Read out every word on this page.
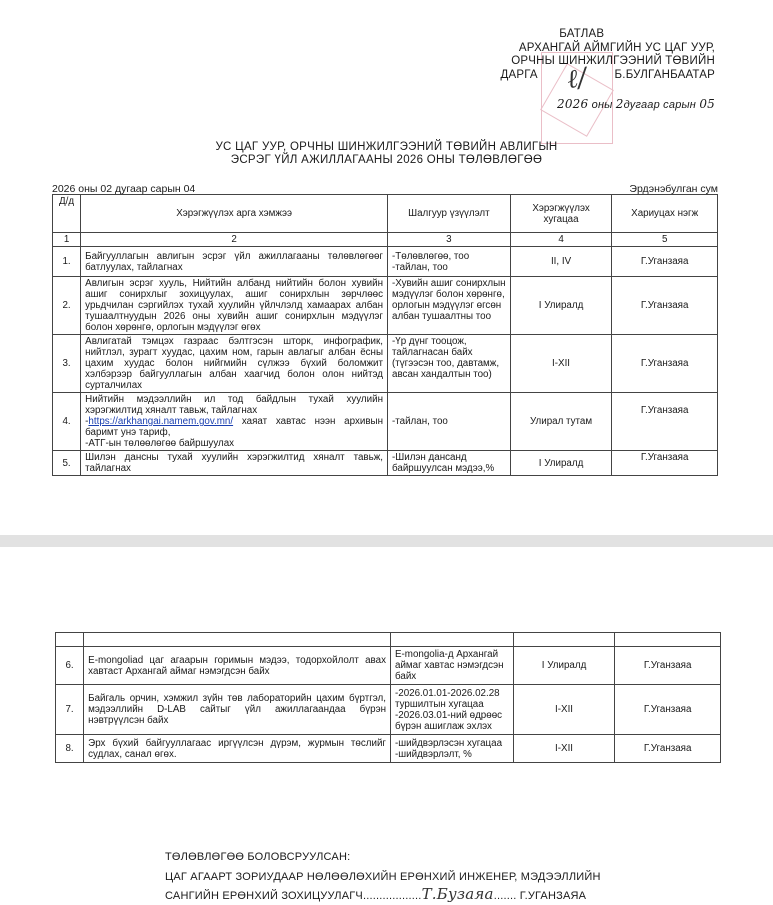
ℓ/
БАТЛАВ
АРХАНГАЙ АЙМГИЙН УС ЦАГ УУР,
ОРЧНЫ ШИНЖИЛГЭЭНИЙ ТӨВИЙН
ДАРГА	Б.БУЛГАНБААТАР
2026 оны 2дугаар сарын 05
УС ЦАГ УУР, ОРЧНЫ ШИНЖИЛГЭЭНИЙ ТӨВИЙН АВЛИГЫН
ЭСРЭГ ҮЙЛ АЖИЛЛАГААНЫ 2026 ОНЫ ТӨЛӨВЛӨГӨӨ
2026 оны 02 дугаар сарын 04	Эрдэнэбулган сум
Д/д	Хэрэгжүүлэх арга хэмжээ	Шалгуур үзүүлэлт	Хэрэгжүүлэх хугацаа	Хариуцах нэгж
1	2	3	4	5
1.	Байгууллагын авлигын эсрэг үйл ажиллагааны төлөвлөгөөг батлуулах, тайлагнах	-Төлөвлөгөө, тоо
-тайлан, тоо	II, IV	Г.Уганзаяа
2.	Авлигын эсрэг хууль, Нийтийн албанд нийтийн болон хувийн ашиг сонирхлыг зохицуулах, ашиг сонирхлын зөрчлөөс урьдчилан сэргийлэх тухай хуулийн үйлчлэлд хамаарах албан тушаалтнуудын 2026 оны хувийн ашиг сонирхлын мэдүүлэг болон хөрөнгө, орлогын мэдүүлэг өгөх	-Хувийн ашиг сонирхлын мэдүүлэг болон хөрөнгө, орлогын мэдүүлэг өгсөн албан тушаалтны тоо	I Улиралд	Г.Уганзаяа
3.	Авлигатай тэмцэх газраас бэлтгэсэн шторк, инфографик, нийтлэл, зурагт хуудас, цахим ном, гарын авлагыг албан ёсны цахим хуудас болон нийгмийн сүлжээ бүхий боломжит хэлбэрээр байгууллагын албан хаагчид болон олон нийтэд сурталчилах	-Үр дүнг тооцож, тайлагнасан байх (түгээсэн тоо, давтамж, авсан хандалтын тоо)	I-XII	Г.Уганзаяа
4.	Нийтийн мэдээллийн ил тод байдлын тухай хуулийн хэрэгжилтид хяналт тавьж, тайлагнах
-https://arkhangai.namem.gov.mn/ хаяат хавтас нээн архивын баримт унэ тариф,
-АТГ-ын төлөөлөгөө байршуулах	-тайлан, тоо	Улирал тутам	Г.Уганзаяа
5.	Шилэн дансны тухай хуулийн хэрэгжилтид хяналт тавьж, тайлагнах	-Шилэн дансанд байршуулсан мэдээ,%	I Улиралд	Г.Уганзаяа

6.	E-mongoliad цаг агаарын горимын мэдээ, тодорхойлолт авах хавтаст Архангай аймаг нэмэгдсэн байх	E-mongolia-д Архангай аймаг хавтас нэмэгдсэн байх	I Улиралд	Г.Уганзаяа
7.	Байгаль орчин, хэмжил зүйн төв лабораторийн цахим бүртгэл, мэдээллийн D-LAB сайтыг үйл ажиллагаандаа бүрэн нэвтрүүлсэн байх	-2026.01.01-2026.02.28 туршилтын хугацаа
-2026.03.01-ний өдрөөс бүрэн ашиглаж эхлэх	I-XII	Г.Уганзаяа
8.	Эрх бүхий байгууллагаас иргүүлсэн дүрэм, журмын төслийг судлах, санал өгөх.	-шийдвэрлэсэн хугацаа
-шийдвэрлэлт, %	I-XII	Г.Уганзаяа
ТӨЛӨВЛӨГӨӨ БОЛОВСРУУЛСАН:
ЦАГ АГААРТ ЗОРИУДААР НӨЛӨӨЛӨХИЙН ЕРӨНХИЙ ИНЖЕНЕР, МЭДЭЭЛЛИЙН
САНГИЙН ЕРӨНХИЙ ЗОХИЦУУЛАГЧ..................Т.Бузаяа....... Г.УГАНЗАЯА
